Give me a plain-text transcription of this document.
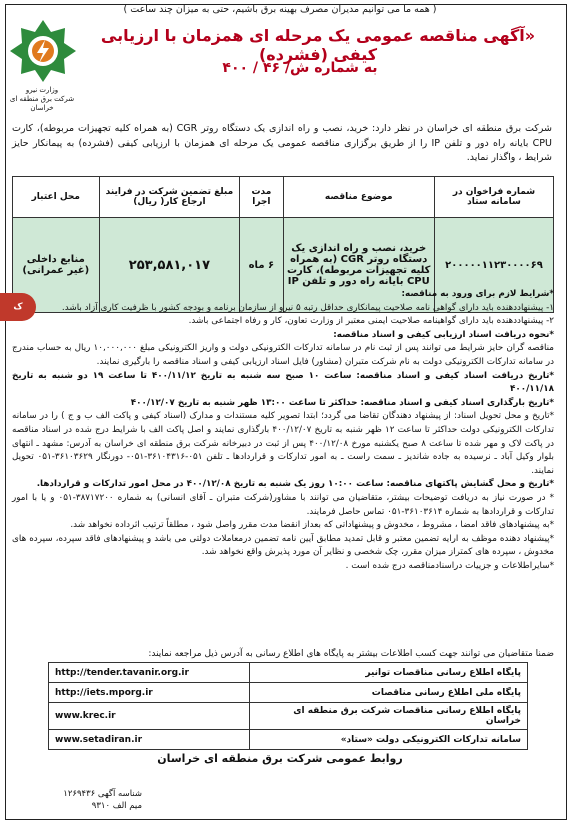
( همه ما می توانیم مدیران مصرف بهینه برق باشیم، حتی به میزان چند ساعت )
وزارت نیرو
شرکت برق منطقه ای خراسان
«آگهی مناقصه عمومی یک مرحله ای همزمان با ارزیابی کیفی (فشرده)
به شماره ش/ ۴۶ / ۴۰۰
شرکت برق منطقه ای خراسان در نظر دارد: خرید، نصب و راه اندازی یک دستگاه روتر CGR (به همراه کلیه تجهیزات مربوطه)، کارت CPU بایانه راه دور و تلفن IP را از طریق برگزاری مناقصه عمومی یک مرحله ای همزمان با ارزیابی کیفی (فشرده) به پیمانکار حایز شرایط ، واگذار نماید.
شماره فراخوان در سامانه ستاد	موضوع مناقصه	مدت اجرا	مبلغ تضمین شرکت در فرایند ارجاع کار( ریال)	محل اعتبار
۲۰۰۰۰۰۱۱۲۳۰۰۰۰۶۹	خرید، نصب و راه اندازی یک دستگاه روتر CGR (به همراه کلیه تجهیزات مربوطه)، کارت CPU بایانه راه دور و تلفن IP	۶ ماه	۲۵۳,۵۸۱,۰۱۷	منابع داخلی (غیر عمرانی)
ک

*شرایط لازم برای ورود به مناقصه:

۱- پیشنهاددهنده باید دارای گواهی نامه صلاحیت پیمانکاری حداقل رتبه ۵ نیرو از سازمان برنامه و بودجه کشور با ظرفیت کاری آزاد باشد.

۲- پیشنهاددهنده باید دارای گواهینامه صلاحیت ایمنی معتبر از وزارت تعاون، کار و رفاه اجتماعی باشد.

*نحوه دریافت اسناد ارزیابی کیفی و اسناد مناقصه:

مناقصه گران حایز شرایط می توانند پس از ثبت نام در سامانه تدارکات الکترونیکی دولت و واریز الکترونیکی مبلغ ۱۰,۰۰۰,۰۰۰ ریال به حساب مندرج در سامانه تدارکات الکترونیکی دولت به نام شرکت متبران (مشاور) فایل اسناد ارزیابی کیفی و اسناد مناقصه را بارگیری نمایند.

*تاریخ دریافت اسناد کیفی و اسناد مناقصه: ساعت ۱۰ صبح سه شنبه به تاریخ ۴۰۰/۱۱/۱۲ تا ساعت ۱۹ دو شنبه به تاریخ ۴۰۰/۱۱/۱۸

*تاریخ بارگذاری اسناد کیفی و اسناد مناقصه: حداکثر تا ساعت ۱۳:۰۰ ظهر شنبه به تاریخ ۴۰۰/۱۲/۰۷

*تاریخ و محل تحویل اسناد: از پیشنهاد دهندگان تقاضا می گردد؛ ابتدا تصویر کلیه مستندات و مدارک (اسناد کیفی و پاکت الف ب و ج ) را در سامانه تدارکات الکترونیکی دولت حداکثر تا ساعت ۱۲ ظهر شنبه به تاریخ ۴۰۰/۱۲/۰۷ بارگذاری نمایند و اصل پاکت الف با شرایط درج شده در اسناد مناقصه در پاکت لاک و مهر شده تا ساعت ۸ صبح یکشنبه مورخ ۴۰۰/۱۲/۰۸ پس از ثبت در دبیرخانه شرکت برق منطقه ای خراسان به آدرس: مشهد ـ انتهای بلوار وکیل آباد ـ نرسیده به جاده شاندیز ـ سمت راست ـ به امور تدارکات و قراردادها ـ تلفن ۰۵۱-۳۶۱۰۴۳۱۶-۰۵۱- دورنگار ۳۶۱۰۳۶۲۹-۰۵۱ تحویل نمایند.

*تاریخ و محل گشایش پاکتهای مناقصه: ساعت ۱۰:۰۰ روز یک شنبه به تاریخ ۴۰۰/۱۲/۰۸ در محل امور تدارکات و قراردادها.

* در صورت نیاز به دریافت توضیحات بیشتر، متقاضیان می توانند با مشاور(شرکت متبران ـ آقای انسانی) به شماره ۳۸۷۱۷۲۰۰-۰۵۱ و یا با امور تدارکات و قراردادها به شماره ۳۶۱۰۳۶۱۴-۰۵۱ تماس حاصل فرمایند.

*به پیشنهادهای فاقد امضا ، مشروط ، مخدوش و پیشنهاداتی که بعداز انقضا مدت مقرر واصل شود ، مطلقاً ترتیب اثرداده نخواهد شد.

*پیشنهاد دهنده موظف به ارایه تضمین معتبر و قابل تمدید مطابق آیین نامه تضمین درمعاملات دولتی می باشد و پیشنهادهای فاقد سپرده، سپرده های مخدوش ، سپرده های کمتراز میزان مقرر، چک شخصی و نظایر آن مورد پذیرش واقع نخواهد شد.

*سایراطلاعات و جزییات دراسنادمناقصه درج شده است .

ضمنا متقاضیان می توانند جهت کسب اطلاعات بیشتر به پایگاه های اطلاع رسانی به آدرس ذیل مراجعه نمایند:
پایگاه اطلاع رسانی مناقصات توانیر	http://tender.tavanir.org.ir
پایگاه ملی اطلاع رسانی مناقصات	http://iets.mporg.ir
پایگاه اطلاع رسانی مناقصات شرکت برق منطقه ای خراسان	www.krec.ir
سامانه تدارکات الکترونیکی دولت «ستاد»	www.setadiran.ir
روابط عمومی شرکت برق منطقه ای خراسان
شناسه آگهی ۱۲۶۹۴۳۶
میم الف ۹۳۱۰
